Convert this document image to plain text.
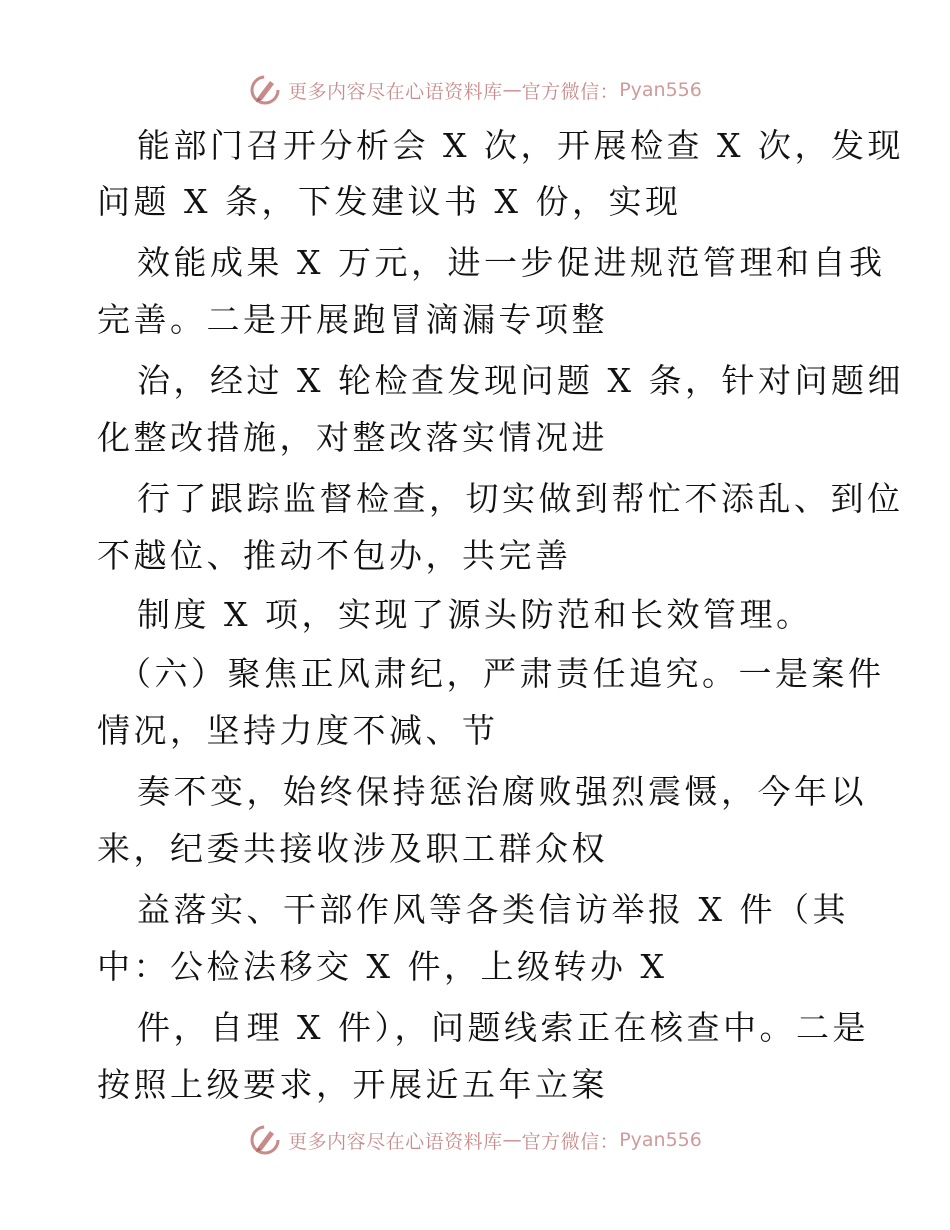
更多内容尽在心语资料库 — 官方微信： Pyan556
能部门召开分析会 X 次，开展检查 X 次，发现
问题 X 条，下发建议书 X 份，实现
效能成果 X 万元，进一步促进规范管理和自我
完善。二是开展跑冒滴漏专项整
治，经过 X 轮检查发现问题 X 条，针对问题细
化整改措施，对整改落实情况进
行了跟踪监督检查，切实做到帮忙不添乱、到位
不越位、推动不包办，共完善
制度 X 项，实现了源头防范和长效管理。
（六）聚焦正风肃纪，严肃责任追究。一是案件
情况，坚持力度不减、节
奏不变，始终保持惩治腐败强烈震慑，今年以
来，纪委共接收涉及职工群众权
益落实、干部作风等各类信访举报 X 件（其
中：公检法移交 X 件，上级转办 X
件，自理 X 件），问题线索正在核查中。二是
按照上级要求，开展近五年立案
更多内容尽在心语资料库 — 官方微信： Pyan556
